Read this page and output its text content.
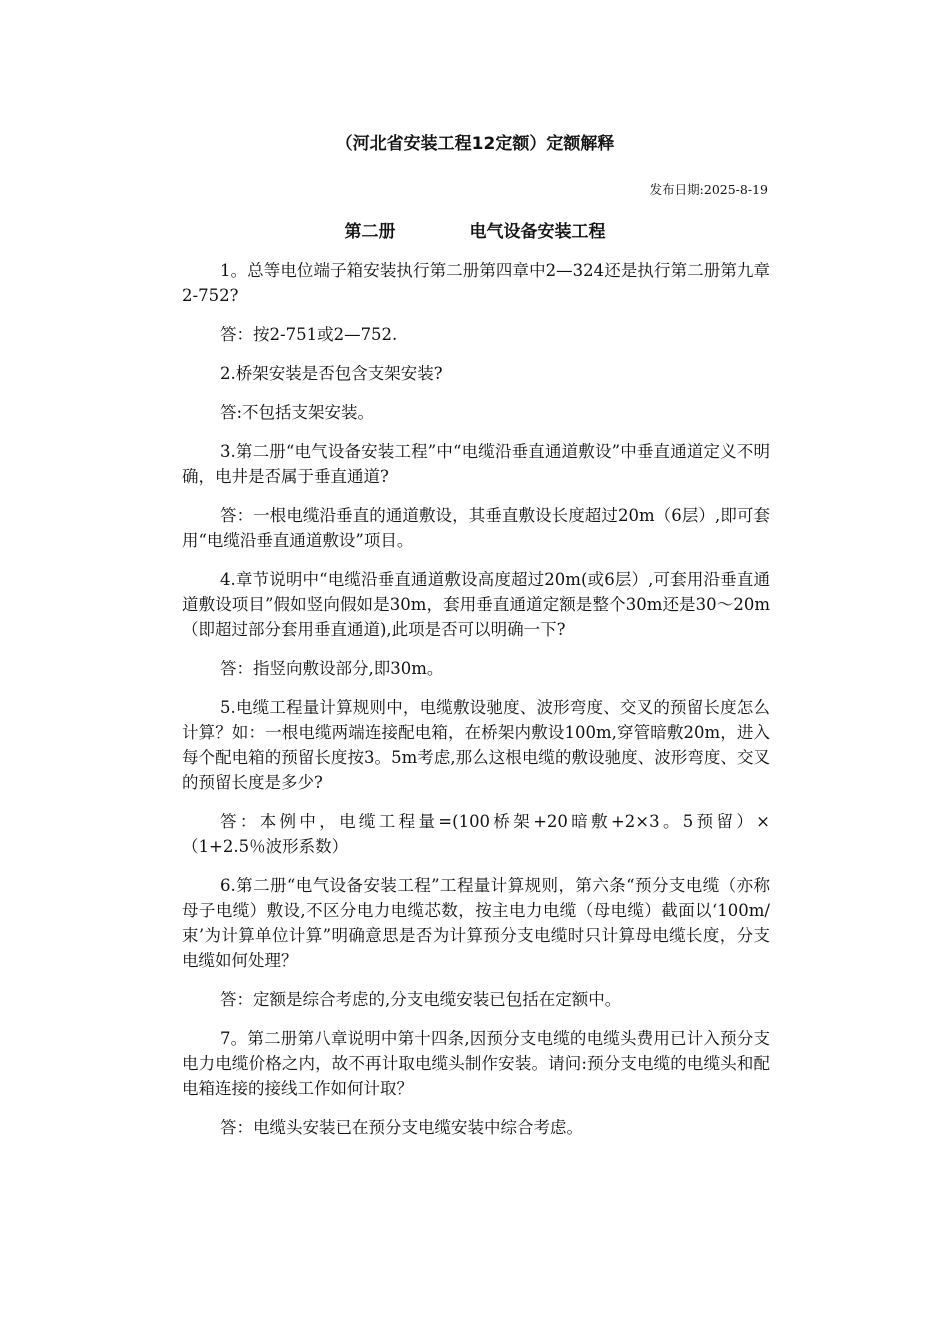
（河北省安装工程12定额）定额解释
发布日期:2025-8-19
第二册	电气设备安装工程

1。总等电位端子箱安装执行第二册第四章中2—324还是执行第二册第九章2-752?

答：按2-751或2—752.

2.桥架安装是否包含支架安装?

答:不包括支架安装。

3.第二册“电气设备安装工程”中“电缆沿垂直通道敷设”中垂直通道定义不明确，电井是否属于垂直通道?

答：一根电缆沿垂直的通道敷设，其垂直敷设长度超过20m（6层）,即可套用“电缆沿垂直通道敷设”项目。

4.章节说明中“电缆沿垂直通道敷设高度超过20m(或6层）,可套用沿垂直通道敷设项目”假如竖向假如是30m，套用垂直通道定额是整个30m还是30～20m（即超过部分套用垂直通道),此项是否可以明确一下?

答：指竖向敷设部分,即30m。

5.电缆工程量计算规则中，电缆敷设驰度、波形弯度、交叉的预留长度怎么计算？如：一根电缆两端连接配电箱，在桥架内敷设100m,穿管暗敷20m，进入每个配电箱的预留长度按3。5m考虑,那么这根电缆的敷设驰度、波形弯度、交叉的预留长度是多少?

答：本例中，电缆工程量=(100桥架+20暗敷+2×3。5预留）×（1+2.5％波形系数）

6.第二册“电气设备安装工程”工程量计算规则，第六条“预分支电缆（亦称母子电缆）敷设,不区分电力电缆芯数，按主电力电缆（母电缆）截面以‘100m/束’为计算单位计算”明确意思是否为计算预分支电缆时只计算母电缆长度，分支电缆如何处理？

答：定额是综合考虑的,分支电缆安装已包括在定额中。

7。第二册第八章说明中第十四条,因预分支电缆的电缆头费用已计入预分支电力电缆价格之内，故不再计取电缆头制作安装。请问:预分支电缆的电缆头和配电箱连接的接线工作如何计取？

答：电缆头安装已在预分支电缆安装中综合考虑。
